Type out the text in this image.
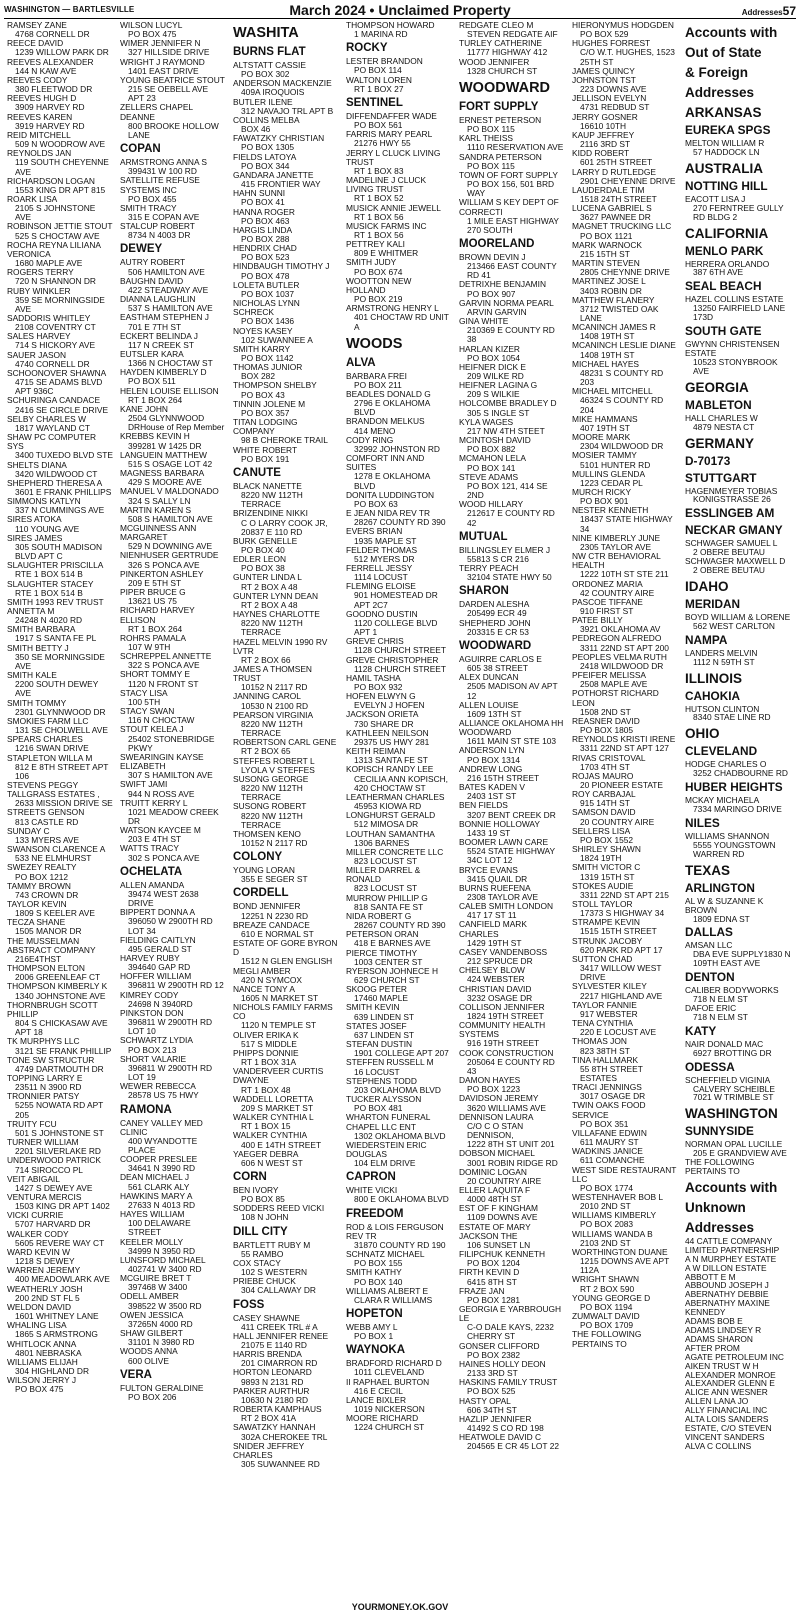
WASHINGTON — BARTLESVILLE	March 2024 • Unclaimed Property	Addresses57
RAMSEY ZANE
4768 CORNELL DR
REECE DAVID
1239 WILLOW PARK DR
REEVES ALEXANDER
144 N KAW AVE
REEVES CODY
380 FLEETWOD DR
REEVES HUGH D
3909 HARVEY RD
REEVES KAREN
3919 HARVEY RD
REID MITCHELL
509 N WOODROW AVE
REYNOLDS JAN
119 SOUTH CHEYENNE AVE
RICHARDSON LOGAN
1553 KING DR APT 815
ROARK LISA
2105 S JOHNSTONE AVE
ROBINSON JETTIE STOUT
525 S CHOCTAW AVE
ROCHA REYNA LILIANA VERONICA
1680 MAPLE AVE
ROGERS TERRY
720 N SHANNON DR
RUBY WINKLER
359 SE MORNINGSIDE AVE
SADDORIS WHITLEY
2108 COVENTRY CT
SALES HARVEY
714 S HICKORY AVE
SAUER JASON
4740 CORNELL DR
SCHOONOVER SHAWNA
4715 SE ADAMS BLVD APT 936C
SCHURINGA CANDACE
2416 SE CIRCLE DRIVE
SELBY CHARLES W
1817 WAYLAND CT
SHAW PC COMPUTER SYS
3400 TUXEDO BLVD STE
SHELTS DIANA
3420 WILDWOOD CT
SHEPHERD THERESA A
3601 E FRANK PHILLIPS
SIMMONS KATLYN
337 N CUMMINGS AVE
SIRES ATOKA
110 YOUNG AVE
SIRES JAMES
305 SOUTH MADISON BLVD APT C
SLAUGHTER PRISCILLA
RTE 1 BOX 514 B
SLAUGHTER STACEY
RTE 1 BOX 514 B
SMITH 1993 REV TRUST ANNETTA M
24248 N 4020 RD
SMITH BARBARA
1917 S SANTA FE PL
SMITH BETTY J
350 SE MORNINGSIDE AVE
SMITH KALE
2200 SOUTH DEWEY AVE
SMITH TOMMY
2301 GLYNNWOOD DR
SMOKIES FARM LLC
131 SE CHOLWELL AVE
SPEARS CHARLES
1216 SWAN DRIVE
STAPLETON WILLA M
812 E 8TH STREET APT 106
STEVENS PEGGY TALLGRASS ESTATES ,
2633 MISSION DRIVE SE
STREETS GENSON
813 CASTLE RD
SUNDAY C
133 MYERS AVE
SWANSON CLARENCE A
533 NE ELMHURST
SWEZEY REALTY
PO BOX 1212
TAMMY BROWN
743 CROWN DR
TAYLOR KEVIN
1809 S KEELER AVE
TECZA SHANE
1505 MANOR DR
THE MUSSELMAN ABSTRACT COMPANY
216E4THST
THOMPSON ELTON
2006 GREENLEAF CT
THOMPSON KIMBERLY K
1340 JOHNSTONE AVE
THORNBRUGH SCOTT PHILLIP
804 S CHICKASAW AVE APT 18
TK MURPHYS LLC
3121 SE FRANK PHILLIP
TONE SW STRUCTUR
4749 DARTMOUTH DR
TOPPING LARRY E
23511 N 3900 RD
TRONNIER PATSY
5255 NOWATA RD APT 205
TRUITY FCU
501 S JOHNSTONE ST
TURNER WILLIAM
2201 SILVERLAKE RD
UNDERWOOD PATRICK
714 SIROCCO PL
VEIT ABIGAIL
1427 S DEWEY AVE
VENTURA MERCIS
1503 KING DR APT 1402
VICKI CURRIE
5707 HARVARD DR
WALKER CODY
5605 REVERE WAY CT
WARD KEVIN W
1218 S DEWEY
WARREN JEREMY
400 MEADOWLARK AVE
WEATHERLY JOSH
200 2ND ST FL 5
WELDON DAVID
1601 WHITNEY LANE
WHALING LISA
1865 S ARMSTRONG
WHITLOCK ANNA
4801 NEBRASKA
WILLIAMS ELIJAH
304 HIGHLAND DR
WILSON JERRY J
PO BOX 475
WILSON LUCYL
PO BOX 475
WIMER JENNIFER N
327 HILLSIDE DRIVE
WRIGHT J RAYMOND
1401 EAST DRIVE
YOUNG BEATRICE STOUT
215 SE OEBELL AVE APT 23
ZELLERS CHAPEL DEANNE
800 BROOKE HOLLOW LANE
COPAN
ARMSTRONG ANNA S
399431 W 100 RD
SATELLITE REFUSE SYSTEMS INC
PO BOX 455
SMITH TRACY
315 E COPAN AVE
STALCUP ROBERT
8734 N 4003 DR
DEWEY
AUTRY ROBERT
506 HAMILTON AVE
BAUGHN DAVID
422 STEADWAY AVE
DIANNA LAUGHLIN
537 S HAMILTON AVE
EASTHAM STEPHEN J
701 E 7TH ST
ECKERT BELINDA J
117 N CREEK ST
EUTSLER KARA
1366 N CHOCTAW ST
HAYDEN KIMBERLY D
PO BOX 511
HELEN LOUISE ELLISON
RT 1 BOX 264
KANE JOHN
2504 GLYNNWOOD
DRHouse of Rep Member
KREBBS KEVIN H
399281 W 1425 DR
LANGUEIN MATTHEW
515 S OSAGE LOT 42
MAGNESS BARBARA
429 S MOORE AVE
MANUEL V MALDONADO
324 S SALLY LN
MARTIN KAREN S
508 S HAMILTON AVE
MCGUINNESS ANN MARGARET
529 N DOWNING AVE
NIENHUSER GERTRUDE
326 S PONCA AVE
PINKERTON ASHLEY
209 E 5TH ST
PIPER BRUCE G
13621 US 75
RICHARD HARVEY ELLISON
RT 1 BOX 264
ROHRS PAMALA
107 W 9TH
SCHREPPEL ANNETTE
322 S PONCA AVE
SHORT TOMMY E
1120 N FRONT ST
STACY LISA
100 5TH
STACY SWAN
116 N CHOCTAW
STOUT KELEA J
25402 STONEBRIDGE PKWY
SWEARINGIN KAYSE ELIZABETH
307 S HAMILTON AVE
SWIFT JAMI
944 N ROSS AVE
TRUITT KERRY L
1021 MEADOW CREEK DR
WATSON KAYCEE M
203 E 4TH ST
WATTS TRACY
302 S PONCA AVE
OCHELATA
ALLEN AMANDA
39474 WEST 2638 DRIVE
BIPPERT DONNA A
396050 W 2900TH RD LOT 34
FIELDING CAITLYN
495 GERALD ST
HARVEY RUBY
394640 GAP RD
HOFFER WILLIAM
396811 W 2900TH RD 12
KIMREY CODY
24698 N 3940RD
PINKSTON DON
396811 W 2900TH RD LOT 10
SCHWARTZ LYDIA
PO BOX 213
SHORT VALARIE
396811 W 2900TH RD LOT 19
WEWER REBECCA
28578 US 75 HWY
RAMONA
CANEY VALLEY MED CLINIC
400 WYANDOTTE PLACE
COOPER PRESLEE
34641 N 3990 RD
DEAN MICHAEL J
561 CLARK ALY
HAWKINS MARY A
27633 N 4013 RD
HAYES WILLIAM
100 DELAWARE STREET
KEELER MOLLY
34999 N 3950 RD
LUNSFORD MICHAEL
402741 W 3400 RD
MCGUIRE BRET T
397468 W 3400
ODELL AMBER
398522 W 3500 RD
OWEN JESSICA
37265N 4000 RD
SHAW GILBERT
31101 N 3980 RD
WOODS ANNA
600 OLIVE
VERA
FULTON GERALDINE
PO BOX 206
WASHITA
BURNS FLAT
ALTSTATT CASSIE
PO BOX 302
ANDERSON MACKENZIE
409A IROQUOIS
BUTLER ILENE
312 NAVAJO TRL APT B
COLLINS MELBA
BOX 46
FAWATZKY CHRISTIAN
PO BOX 1305
FIELDS LATOYA
PO BOX 344
GANDARA JANETTE
415 FRONTIER WAY
HAHN SUNNI
PO BOX 41
HANNA ROGER
PO BOX 463
HARGIS LINDA
PO BOX 288
HENDRIX CHAD
PO BOX 523
HINDBAUGH TIMOTHY J
PO BOX 478
LOLETA BUTLER
PO BOX 1037
NICHOLAS LYNN SCHRECK
PO BOX 1436
NOYES KASEY
102 SUWANNEE A
SMITH KARRY
PO BOX 1142
THOMAS JUNIOR
BOX 282
THOMPSON SHELBY
PO BOX 43
TINNIN JOLENE M
PO BOX 357
TITAN LODGING COMPANY
98 B CHEROKE TRAIL
WHITE ROBERT
PO BOX 191
CANUTE
BLACK NANETTE
8220 NW 112TH TERRACE
BRIZENDINE NIKKI
C O LARRY COOK JR,
20837 E 110 RD
BURK GENELLE
PO BOX 40
EDLER LEON
PO BOX 38
GUNTER LINDA L
RT 2 BOX A 48
GUNTER LYNN DEAN
RT 2 BOX A 48
HAYNES CHARLOTTE
8220 NW 112TH TERRACE
HAZEL MELVIN 1990 RV LVTR
RT 2 BOX 66
JAMES A THOMSEN TRUST
10152 N 2117 RD
JANNING CAROL
10530 N 2100 RD
PEARSON VIRGINIA
8220 NW 112TH TERRACE
ROBERTSON CARL GENE
RT 2 BOX 65
STEFFES ROBERT L
LYOLA V STEFFES
SUSONG GEORGE
8220 NW 112TH TERRACE
SUSONG ROBERT
8220 NW 112TH TERRACE
THOMSEN KENO
10152 N 2117 RD
COLONY
YOUNG LORAN
355 E SEGER ST
CORDELL
BOND JENNIFER
12251 N 2230 RD
BREAZE CANDACE
610 E NORMAL ST
ESTATE OF GORE BYRON D
1512 N GLEN ENGLISH
MEGLI AMBER
420 N SYMCOX
NANCE TONY A
1605 N MARKET ST
NICHOLS FAMILY FARMS CO
1120 N TEMPLE ST
OLIVER ERIKA K
517 S MIDDLE
PHIPPS DONNIE
RT 1 BOX 31A
VANDERVEER CURTIS DWAYNE
RT 1 BOX 48
WADDELL LORETTA
209 S MARKET ST
WALKER CYNTHIA L
RT 1 BOX 15
WALKER CYNTHIA
400 E 14TH STREET
YAEGER DEBRA
606 N WEST ST
CORN
BEN IVORY
PO BOX 85
SODDERS REED VICKI
108 N JOHN
DILL CITY
BARTLETT RUBY M
55 RAMBO
COX STACY
102 S WESTERN
PRIEBE CHUCK
304 CALLAWAY DR
FOSS
CASEY SHAWNE
411 CREEK TRL # A
HALL JENNIFER RENEE
21075 E 1140 RD
HARRIS BRENDA
201 CIMARRON RD
HORTON LEONARD
9893 N 2131 RD
PARKER AURTHUR
10630 N 2180 RD
ROBERTA KAMPHAUS
RT 2 BOX 41A
SAWATZKY HANNAH
302A CHEROKEE TRL
SNIDER JEFFREY CHARLES
305 SUWANNEE RD
THOMPSON HOWARD
1 MARINA RD
ROCKY
LESTER BRANDON
PO BOX 114
WALTON LOREN
RT 1 BOX 27
SENTINEL
DIFFENDAFFER WADE
PO BOX 561
FARRIS MARY PEARL
21276 HWY 55
JERRY L CLUCK LIVING TRUST
RT 1 BOX 83
MADELINE J CLUCK LIVING TRUST
RT 1 BOX 52
MUSICK ANNIE JEWELL
RT 1 BOX 56
MUSICK FARMS INC
RT 1 BOX 56
PETTREY KALI
809 E WHITMER
SMITH JUDY
PO BOX 674
WOOTTON NEW HOLLAND
PO BOX 219
ARMSTRONG HENRY L
401 CHOCTAW RD UNIT A
WOODS
ALVA
BARBARA FREI
PO BOX 211
BEADLES DONALD G
2796 E OKLAHOMA BLVD
BRANDON MELKUS
414 MENO
CODY RING
32992 JOHNSTON RD
COMFORT INN AND SUITES
1278 E OKLAHOMA BLVD
DONITA LUDDINGTON
PO BOX 63
E JEAN NIDA REV TR
28267 COUNTY RD 390
EVERS BRIAN
1935 MAPLE ST
FELDER THOMAS
512 MYERS DR
FERRELL JESSY
1114 LOCUST
FLEMING ELOISE
901 HOMESTEAD DR APT 2C7
GOODNO DUSTIN
1120 COLLEGE BLVD APT 1
GREVE CHRIS
1128 CHURCH STREET
GREVE CHRISTOPHER
1128 CHURCH STREET
HAMIL TASHA
PO BOX 932
HOFEN ELWYN G
EVELYN J HOFEN
JACKSON ORIETA
730 SHARE DR
KATHLEEN NEILSON
29375 US HWY 281
KEITH REIMAN
1313 SANTA FE ST
KOPISCH RANDY LEE
CECILIA ANN KOPISCH,
420 CHOCTAW ST
LEATHERMAN CHARLES
45953 KIOWA RD
LONGHURST GERALD
512 MIMOSA DR
LOUTHAN SAMANTHA
1306 BARNES
MILLER CONCRETE LLC
823 LOCUST ST
MILLER DARREL & RONALD
823 LOCUST ST
MURROW PHILLIP G
818 SANTA FE ST
NIDA ROBERT G
28267 COUNTY RD 390
PETERSON ORAN
418 E BARNES AVE
PIERCE TIMOTHY
1003 CENTER ST
RYERSON JOHNECE H
629 CHURCH ST
SKOOG PETER
17460 MAPLE
SMITH KEVIN
639 LINDEN ST
STATES JOSEF
637 LINDEN ST
STEFAN DUSTIN
1901 COLLEGE APT 207
STEFFEN RUSSELL M
16 LOCUST
STEPHENS TODD
203 OKLAHOMA BLVD
TUCKER ALYSSON
PO BOX 481
WHARTON FUNERAL CHAPEL LLC ENT
1302 OKLAHOMA BLVD
WIEDERSTEIN ERIC DOUGLAS
104 ELM DRIVE
CAPRON
WHITE VICKI
800 E OKLAHOMA BLVD
FREEDOM
ROD & LOIS FERGUSON REV TR
31870 COUNTY RD 190
SCHNATZ MICHAEL
PO BOX 155
SMITH KATHY
PO BOX 140
WILLIAMS ALBERT E
CLARA R WILLIAMS
HOPETON
WEBB AMY L
PO BOX 1
WAYNOKA
BRADFORD RICHARD D
1011 CLEVELAND
II RAPHAEL BURTON
416 E CECIL
LANCE BIXLER
1019 NICKERSON
MOORE RICHARD
1224 CHURCH ST
REDGATE CLEO M
STEVEN REDGATE AIF
TURLEY CATHERINE
11777 HIGHWAY 412
WOOD JENNIFER
1328 CHURCH ST
WOODWARD
FORT SUPPLY
ERNEST PETERSON
PO BOX 115
KARL THEISS
1110 RESERVATION AVE
SANDRA PETERSON
PO BOX 115
TOWN OF FORT SUPPLY
PO BOX 156, 501 BRD WAY
WILLIAM S KEY DEPT OF CORRECTI
1 MILE EAST HIGHWAY 270 SOUTH
MOORELAND
BROWN DEVIN J
213466 EAST COUNTY RD 41
DETRIXHE BENJAMIN
PO BOX 907
GARVIN NORMA PEARL
ARVIN GARVIN
GINA WHITE
210369 E COUNTY RD 38
HARLAN KIZER
PO BOX 1054
HEIFNER DICK E
209 WILKE RD
HEIFNER LAGINA G
209 S WILKIE
HOLCOMBE BRADLEY D
305 S INGLE ST
KYLA WAGES
217 NW 4TH STEET
MCINTOSH DAVID
PO BOX 882
MCMAHON LELA
PO BOX 141
STEVE ADAMS
PO BOX 121, 414 SE 2ND
WOOD HILLARY
212617 E COUNTY RD 42
MUTUAL
BILLINGSLEY ELMER J
55813 S CR 216
TERRY PEACH
32104 STATE HWY 50
SHARON
DARDEN ALESHA
205499 ECR 49
SHEPHERD JOHN
203315 E CR 53
WOODWARD
AGUIRRE CARLOS E
605 38 STREET
ALEX DUNCAN
2505 MADISON AV APT 12
ALLEN LOUISE
1609 13TH ST
ALLIANCE OKLAHOMA HH WOODWARD
1611 MAIN ST STE 103
ANDERSON LYN
PO BOX 1314
ANDREW LONG
216 15TH STREET
BATES KADEN V
2403 1ST ST
BEN FIELDS
3207 BENT CREEK DR
BONNIE HOLLOWAY
1433 19 ST
BOOMER LAWN CARE
5524 STATE HIGHWAY 34C LOT 12
BRYCE EVANS
3415 QUAIL DR
BURNS RUEFENA
2308 TAYLOR AVE
CALEB SMITH LONDON
417 17 ST 11
CANFIELD MARK CHARLES
1429 19TH ST
CASEY VANDENBOSS
212 SPRUCE DR
CHELSEY BLOW
424 WEBSTER
CHRISTIAN DAVID
3232 OSAGE DR
COLLISON JENNIFER
1824 19TH STREET
COMMUNITY HEALTH SYSTEMS
916 19TH STREET
COOK CONSTRUCTION
205064 E COUNTY RD 43
DAMON HAYES
PO BOX 1223
DAVIDSON JEREMY
3620 WILLIAMS AVE
DENNISON LAURA
C/O C O STAN DENNISON,
1222 8TH ST UNIT 201
DOBSON MICHAEL
3001 ROBIN RIDGE RD
DOMINIC LOGAN
20 COUNTRY AIRE
ELLER LAQUITA F
4000 48TH ST
EST OF F KINGHAM
1109 DOWNS AVE
ESTATE OF MARY JACKSON THE
106 SUNSET LN
FILIPCHUK KENNETH
PO BOX 1204
FIRTH KEVIN D
6415 8TH ST
FRAZE JAN
PO BOX 1281
GEORGIA E YARBROUGH LE
C-O DALE KAYS, 2232 CHERRY ST
GONSER CLIFFORD
PO BOX 2382
HAINES HOLLY DEON
2133 3RD ST
HASKINS FAMILY TRUST
PO BOX 525
HASTY OPAL
606 34TH ST
HAZLIP JENNIFER
41492 S CO RD 198
HEATWOLE DAVID C
204565 E CR 45 LOT 22
HIERONYMUS HODGDEN
PO BOX 529
HUGHES FORREST
C/O W.T. HUGHES, 1523 25TH ST
JAMES QUINCY JOHNSTON TST
223 DOWNS AVE
JELLISON EVELYN
4731 REDBUD ST
JERRY GOSNER
16610 10TH
KAUP JEFFREY
2116 3RD ST
KIDD ROBERT
601 25TH STREET
LARRY D RUTLEDGE
2901 CHEYENNE DRIVE
LAUDERDALE TIM
1518 24TH STREET
LUCENA GABRIEL S
3627 PAWNEE DR
MAGNET TRUCKING LLC
PO BOX 1121
MARK WARNOCK
215 15TH ST
MARTIN STEVEN
2805 CHEYNNE DRIVE
MARTINEZ JOSE L
3403 ROBIN DR
MATTHEW FLANERY
3712 TWISTED OAK LANE
MCANINCH JAMES R
1408 19TH ST
MCANINCH LESLIE DIANE
1408 19TH ST
MICHAEL HAYES
48231 S COUNTY RD 203
MICHAEL MITCHELL
46324 S COUNTY RD 204
MIKE HAMMANS
407 19TH ST
MOORE MARK
2304 WILDWOOD DR
MOSIER TAMMY
5101 HUNTER RD
MULLINS GLENDA
1223 CEDAR PL
MURCH RICKY
PO BOX 901
NESTER KENNETH
18437 STATE HIGHWAY 34
NINE KIMBERLY JUNE
2305 TAYLOR AVE
NW CTR BEHAVIORAL HEALTH
1222 10TH ST STE 211
ORDONEZ MARIA
42 COUNTRY AIRE
PASCOE TIFFANE
910 FIRST ST
PATEE BILLY
3921 OKLAHOMA AV
PEDREGON ALFREDO
3311 22ND ST APT 200
PEOPLES VELMA RUTH
2418 WILDWOOD DR
PFEIFER MELISSA
2508 MAPLE AVE
POTHORST RICHARD LEON
1508 2ND ST
REASNER DAVID
PO BOX 1805
REYNOLDS KRISTI IRENE
3311 22ND ST APT 127
RIVAS CRISTOVAL
1703 4TH ST
ROJAS MAURO
20 PIONEER ESTATE
ROY CARBAJAL
915 14TH ST
SAMSON DAVID
20 COUNTRY AIRE
SELLERS LISA
PO BOX 1552
SHIRLEY SHAWN
1824 19TH
SMITH VICTOR C
1319 15TH ST
STOKES AUDIE
3311 22ND ST APT 215
STOLL TAYLOR
17373 S HIGHWAY 34
STRAMPE KEVIN
1515 15TH STREET
STRUNK JACOBY
620 PARK RD APT 17
SUTTON CHAD
3417 WILLOW WEST DRIVE
SYLVESTER KILEY
2217 HIGHLAND AVE
TAYLOR FANNIE
917 WEBSTER
TENA CYNTHIA
220 E LOCUST AVE
THOMAS JON
823 38TH ST
TINA HALLMARK
55 8TH STREET ESTATES
TRACI JENNINGS
3017 OSAGE DR
TWIN OAKS FOOD SERVICE
PO BOX 351
VILLAFANE EDWIN
611 MAURY ST
WADKINS JANICE
611 COMANCHE
WEST SIDE RESTAURANT LLC
PO BOX 1774
WESTENHAVER BOB L
2010 2ND ST
WILLIAMS KIMBERLY
PO BOX 2083
WILLIAMS WANDA B
2103 2ND ST
WORTHINGTON DUANE
1215 DOWNS AVE APT 112A
WRIGHT SHAWN
RT 2 BOX 590
YOUNG GEORGE D
PO BOX 1194
ZUMWALT DAVID
PO BOX 1709
THE FOLLOWING PERTAINS TO
Accounts with
Out of State
& Foreign
Addresses
ARKANSAS
EUREKA SPGS
MELTON WILLIAM R
57 HADDOCK LN
AUSTRALIA
NOTTING HILL
EACOTT LISA J
270 FERNTREE GULLY RD BLDG 2
CALIFORNIA
MENLO PARK
HERRERA ORLANDO
387 6TH AVE
SEAL BEACH
HAZEL COLLINS ESTATE
13250 FAIRFIELD LANE 173D
SOUTH GATE
GWYNN CHRISTENSEN ESTATE
10523 STONYBROOK AVE
GEORGIA
MABLETON
HALL CHARLES W
4879 NESTA CT
GERMANY
D-70173
STUTTGART
HAGENMEYER TOBIAS
KONIGSTRASSE 26
ESSLINGEB AM
NECKAR GMANY
SCHWAGER SAMUEL L
2 OBERE BEUTAU
SCHWAGER MAXWELL D
2 OBERE BEUTAU
IDAHO
MERIDAN
BOYD WILLIAM & LORENE
562 WEST CARLTON
NAMPA
LANDERS MELVIN
1112 N 59TH ST
ILLINOIS
CAHOKIA
HUTSON CLINTON
8340 STAE LINE RD
OHIO
CLEVELAND
HODGE CHARLES O
3252 CHADBOURNE RD
HUBER HEIGHTS
MCKAY MICHAELA
7334 MARINGO DRIVE
NILES
WILLIAMS SHANNON
5555 YOUNGSTOWN WARREN RD
TEXAS
ARLINGTON
AL W & SUZANNE K BROWN
1809 EDNA ST
DALLAS
AMSAN LLC
DBA EVE SUPPLY1830 N 109TH EAST AVE
DENTON
CALIBER BODYWORKS
718 N ELM ST
DAFOE ERIC
718 N ELM ST
KATY
NAIR DONALD MAC
6927 BROTTING DR
ODESSA
SCHEFFIELD VIGINIA
CALVERY SCHEIBLE
7021 W TRIMBLE ST
WASHINGTON
SUNNYSIDE
NORMAN OPAL LUCILLE
205 E GRANDVIEW AVE
THE FOLLOWING PERTAINS TO
Accounts with
Unknown
Addresses
44 CATTLE COMPANY LIMITED PARTNERSHIP
A N MURPHEY ESTATE
A W DILLON ESTATE
ABBOTT E M
ABBOUND JOSEPH J
ABERNATHY DEBBIE
ABERNATHY MAXINE KENNEDY
ADAMS BOB E
ADAMS LINDSEY R
ADAMS SHARON
AFTER PROM
AGATE PETROLEUM INC
AIKEN TRUST W H
ALEXANDER MONROE
ALEXANDER GLENN E
ALICE ANN WESNER
ALLEN LANA JO
ALLY FINANCIAL INC
ALTA LOIS SANDERS ESTATE, C/O STEVEN VINCENT SANDERS
ALVA C COLLINS
YOURMONEY.OK.GOV
